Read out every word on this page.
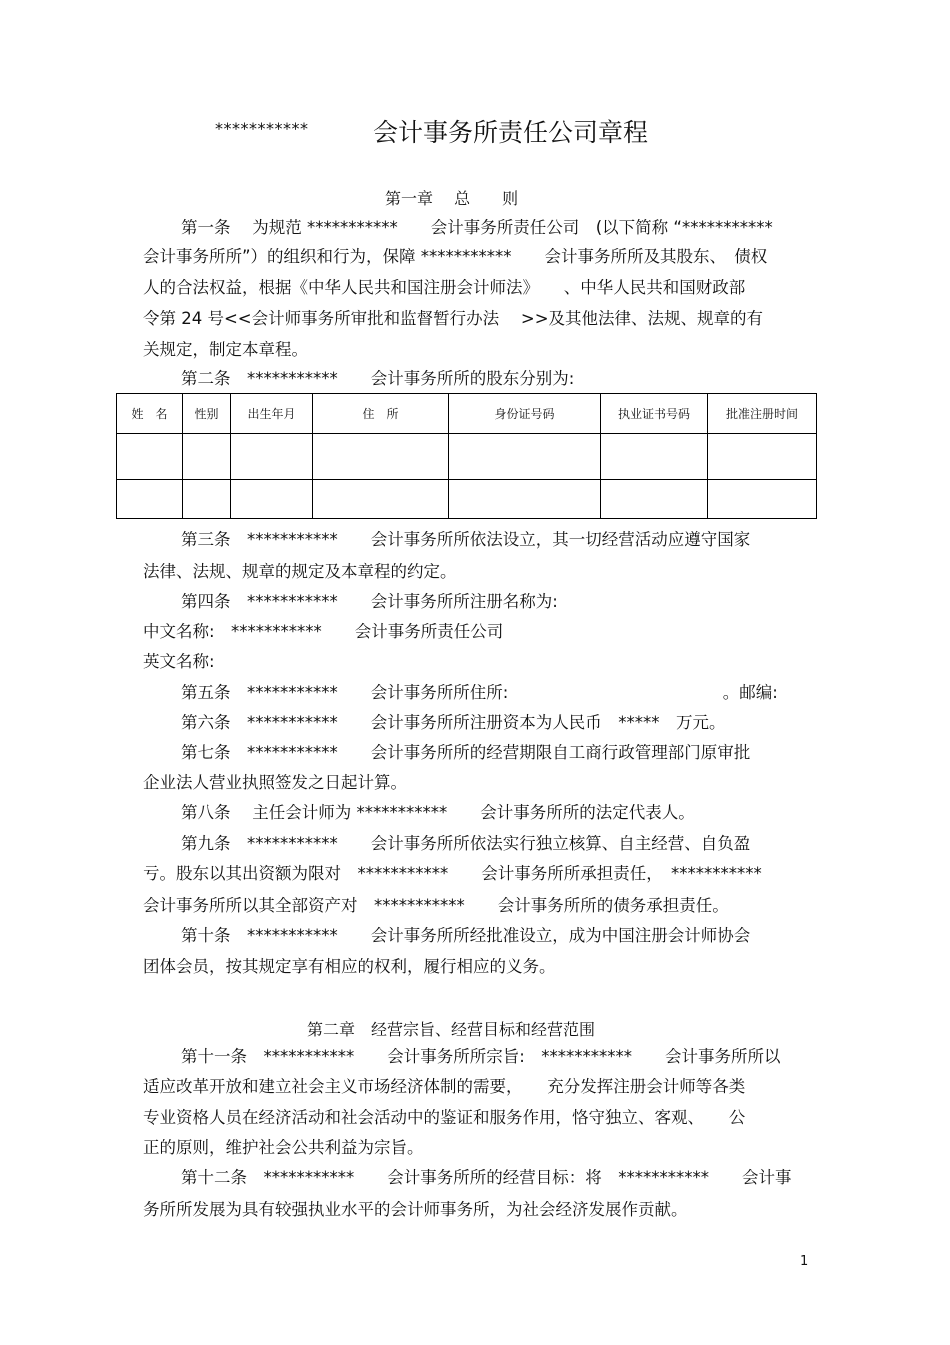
***********	会计事务所责任公司章程
第一章　 总　　则
第一条　 为规范 ***********　　会计事务所责任公司　(以下简称 “***********
会计事务所所”）的组织和行为，保障 ***********　　会计事务所所及其股东、　债权
人的合法权益，根据《中华人民共和国注册会计师法》　　、中华人民共和国财政部
令第 24 号<<会计师事务所审批和监督暂行办法　 >>及其他法律、法规、规章的有
关规定，制定本章程。
第二条　***********　　会计事务所所的股东分别为:
姓　名	性别	出生年月	住　所	身份证号码	执业证书号码	批准注册时间

第三条　***********　　会计事务所所依法设立，其一切经营活动应遵守国家
法律、法规、规章的规定及本章程的约定。
第四条　***********　　会计事务所所注册名称为:
中文名称:　***********　　会计事务所责任公司
英文名称:
第五条　***********　　会计事务所所住所:　　　　　　　　　　　　　。邮编:
第六条　***********　　会计事务所所注册资本为人民币　*****　万元。
第七条　***********　　会计事务所所的经营期限自工商行政管理部门原审批
企业法人营业执照签发之日起计算。
第八条　 主任会计师为 ***********　　会计事务所所的法定代表人。
第九条　***********　　会计事务所所依法实行独立核算、自主经营、自负盈
亏。股东以其出资额为限对　***********　　会计事务所所承担责任，　***********
会计事务所所以其全部资产对　***********　　会计事务所所的债务承担责任。
第十条　***********　　会计事务所所经批准设立，成为中国注册会计师协会
团体会员，按其规定享有相应的权利，履行相应的义务。
第二章　经营宗旨、经营目标和经营范围
第十一条　***********　　会计事务所所宗旨:　***********　　会计事务所所以
适应改革开放和建立社会主义市场经济体制的需要，　　充分发挥注册会计师等各类
专业资格人员在经济活动和社会活动中的鉴证和服务作用，恪守独立、客观、　　公
正的原则，维护社会公共利益为宗旨。
第十二条　***********　　会计事务所所的经营目标：将　***********　　会计事
务所所发展为具有较强执业水平的会计师事务所，为社会经济发展作贡献。
1
